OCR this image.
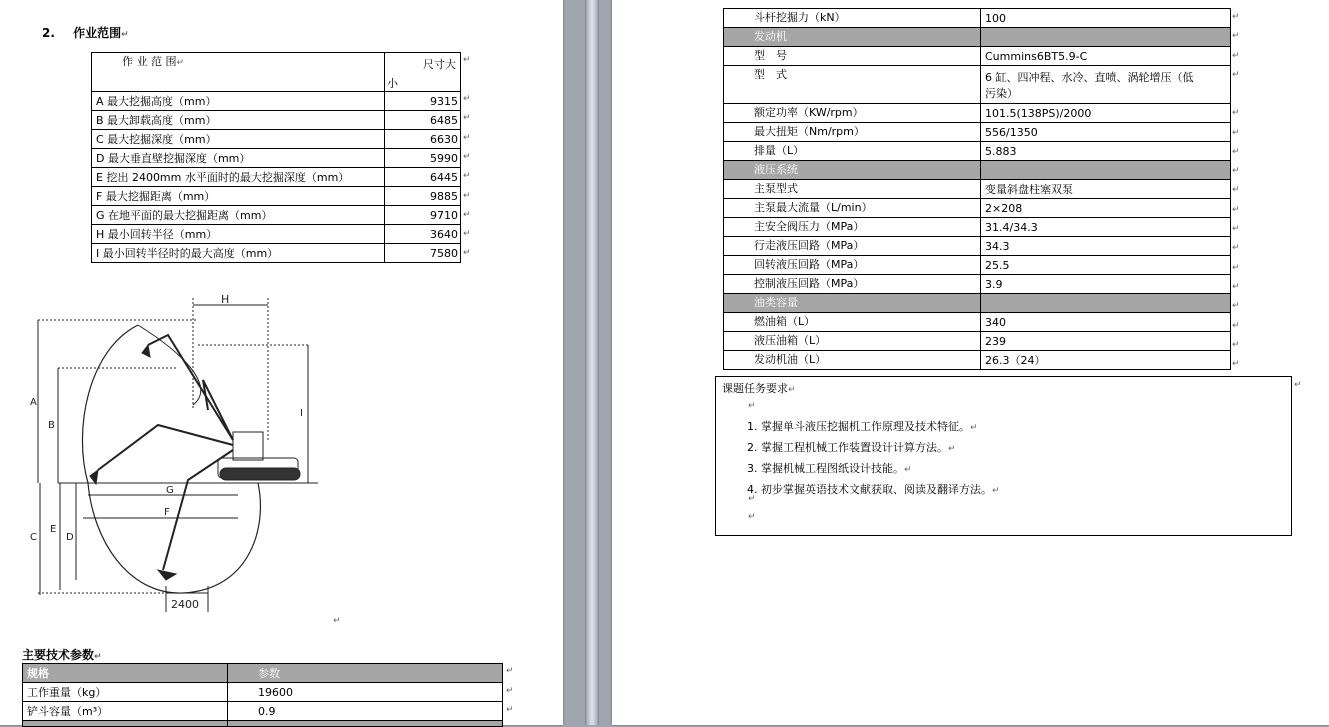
2. 作业范围↵
作 业 范 围↵	尺寸大
小

A 最大挖掘高度（mm）	9315
B 最大卸载高度（mm）	6485
C 最大挖掘深度（mm）	6630
D 最大垂直壁挖掘深度（mm）	5990
E 挖出 2400mm 水平面时的最大挖掘深度（mm）	6445
F 最大挖掘距离（mm）	9885
G 在地平面的最大挖掘距离（mm）	9710
H 最小回转半径（mm）	3640
I 最小回转半径时的最大高度（mm）	7580
↵
↵
↵
↵
↵
↵
↵
↵
↵
↵
H
A
B
I
G
F
C
E
D
2400
↵
主要技术参数↵
规格	参数
工作重量（kg）	19600
铲斗容量（m³）	0.9

↵
↵
↵
斗杆挖掘力（kN）	100
发动机	
型　号	Cummins6BT5.9-C
型　式	6 缸、四冲程、水冷、直喷、涡轮增压（低
污染）
额定功率（KW/rpm）	101.5(138PS)/2000
最大扭矩（Nm/rpm）	556/1350
排量（L）	5.883
液压系统	
主泵型式	变量斜盘柱塞双泵
主泵最大流量（L/min）	2×208
主安全阀压力（MPa）	31.4/34.3
行走液压回路（MPa）	34.3
回转液压回路（MPa）	25.5
控制液压回路（MPa）	3.9
油类容量	
燃油箱（L）	340
液压油箱（L）	239
发动机油（L）	26.3（24）
↵
↵
↵
↵
↵
↵
↵
↵
↵
↵
↵
↵
↵
↵
↵
↵
↵
↵
课题任务要求↵
↵
1. 掌握单斗液压挖掘机工作原理及技术特征。↵
2. 掌握工程机械工作装置设计计算方法。↵
3. 掌握机械工程图纸设计技能。↵
4. 初步掌握英语技术文献获取、阅读及翻译方法。↵
↵
↵
↵
